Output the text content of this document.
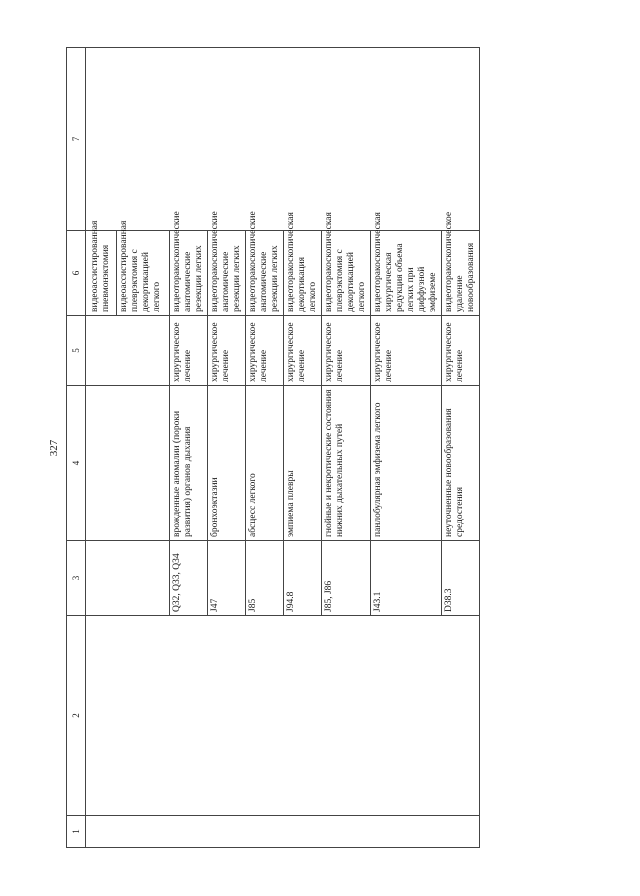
327
1	2	3	4	5	6	7

					видеоассистированная пневмонэктомия видеоассистированная плеврэктомия с декортикацией легкого	

		Q32, Q33, Q34	врожденные аномалии (пороки развития) органов дыхания	хирургическое лечение	видеоторакоскопические анатомические резекции легких	
		J47	бронхоэктазии	хирургическое лечение	видеоторакоскопические анатомические резекции легких	
		J85	абсцесс легкого	хирургическое лечение	видеоторакоскопические анатомические резекции легких	
		J94.8	эмпиема плевры	хирургическое лечение	видеоторакоскопическая декортикация легкого	
		J85, J86	гнойные и некротические состояния нижних дыхательных путей	хирургическое лечение	видеоторакоскопическая плеврэктомия с декортикацией легкого	
		J43.1	панлобулярная эмфизема легкого	хирургическое лечение	видеоторакоскопическая хирургическая редукция объема легких при диффузной эмфиземе	
		D38.3	неуточненные новообразования средостения	хирургическое лечение	видеоторакоскопическое удаление новообразования	
